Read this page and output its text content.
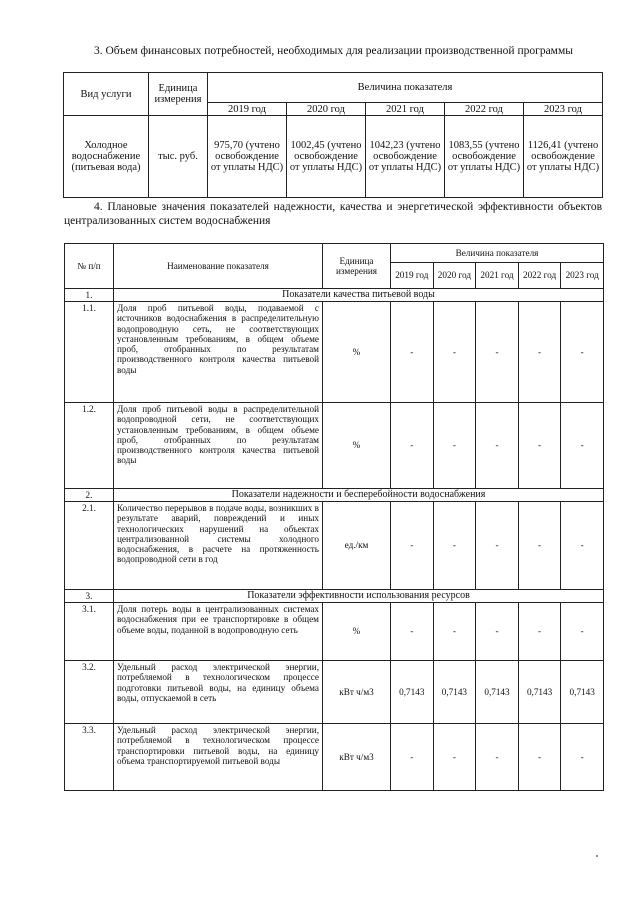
3. Объем финансовых потребностей, необходимых для реализации производственной программы
Вид услуги	Единица измерения	Величина показателя				
		2019 год	2020 год	2021 год	2022 год	2023 год
Холодное водоснабжение (питьевая вода)	тыс. руб.	975,70 (учтено освобождение от уплаты НДС)	1002,45 (учтено освобождение от уплаты НДС)	1042,23 (учтено освобождение от уплаты НДС)	1083,55 (учтено освобождение от уплаты НДС)	1126,41 (учтено освобождение от уплаты НДС)
4. Плановые значения показателей надежности, качества и энергетической эффективности объектов централизованных систем водоснабжения
№ п/п	Наименование показателя	Единица измерения	Величина показателя				
			2019 год	2020 год	2021 год	2022 год	2023 год
1.	Показатели качества питьевой воды						
1.1.	Доля проб питьевой воды, подаваемой с источников водоснабжения в распределительную водопроводную сеть, не соответствующих установленным требованиям, в общем объеме проб, отобранных по результатам производственного контроля качества питьевой воды	%	-	-	-	-	-
1.2.	Доля проб питьевой воды в распределительной водопроводной сети, не соответствующих установленным требованиям, в общем объеме проб, отобранных по результатам производственного контроля качества питьевой воды	%	-	-	-	-	-
2.	Показатели надежности и бесперебойности водоснабжения						
2.1.	Количество перерывов в подаче воды, возникших в результате аварий, повреждений и иных технологических нарушений на объектах централизованной системы холодного водоснабжения, в расчете на протяженность водопроводной сети в год	ед./км	-	-	-	-	-
3.	Показатели эффективности использования ресурсов						
3.1.	Доля потерь воды в централизованных системах водоснабжения при ее транспортировке в общем объеме воды, поданной в водопроводную сеть	%	-	-	-	-	-
3.2.	Удельный расход электрической энергии, потребляемой в технологическом процессе подготовки питьевой воды, на единицу объема воды, отпускаемой в сеть	кВт ч/м3	0,7143	0,7143	0,7143	0,7143	0,7143
3.3.	Удельный расход электрической энергии, потребляемой в технологическом процессе транспортировки питьевой воды, на единицу объема транспортируемой питьевой воды	кВт ч/м3	-	-	-	-	-
